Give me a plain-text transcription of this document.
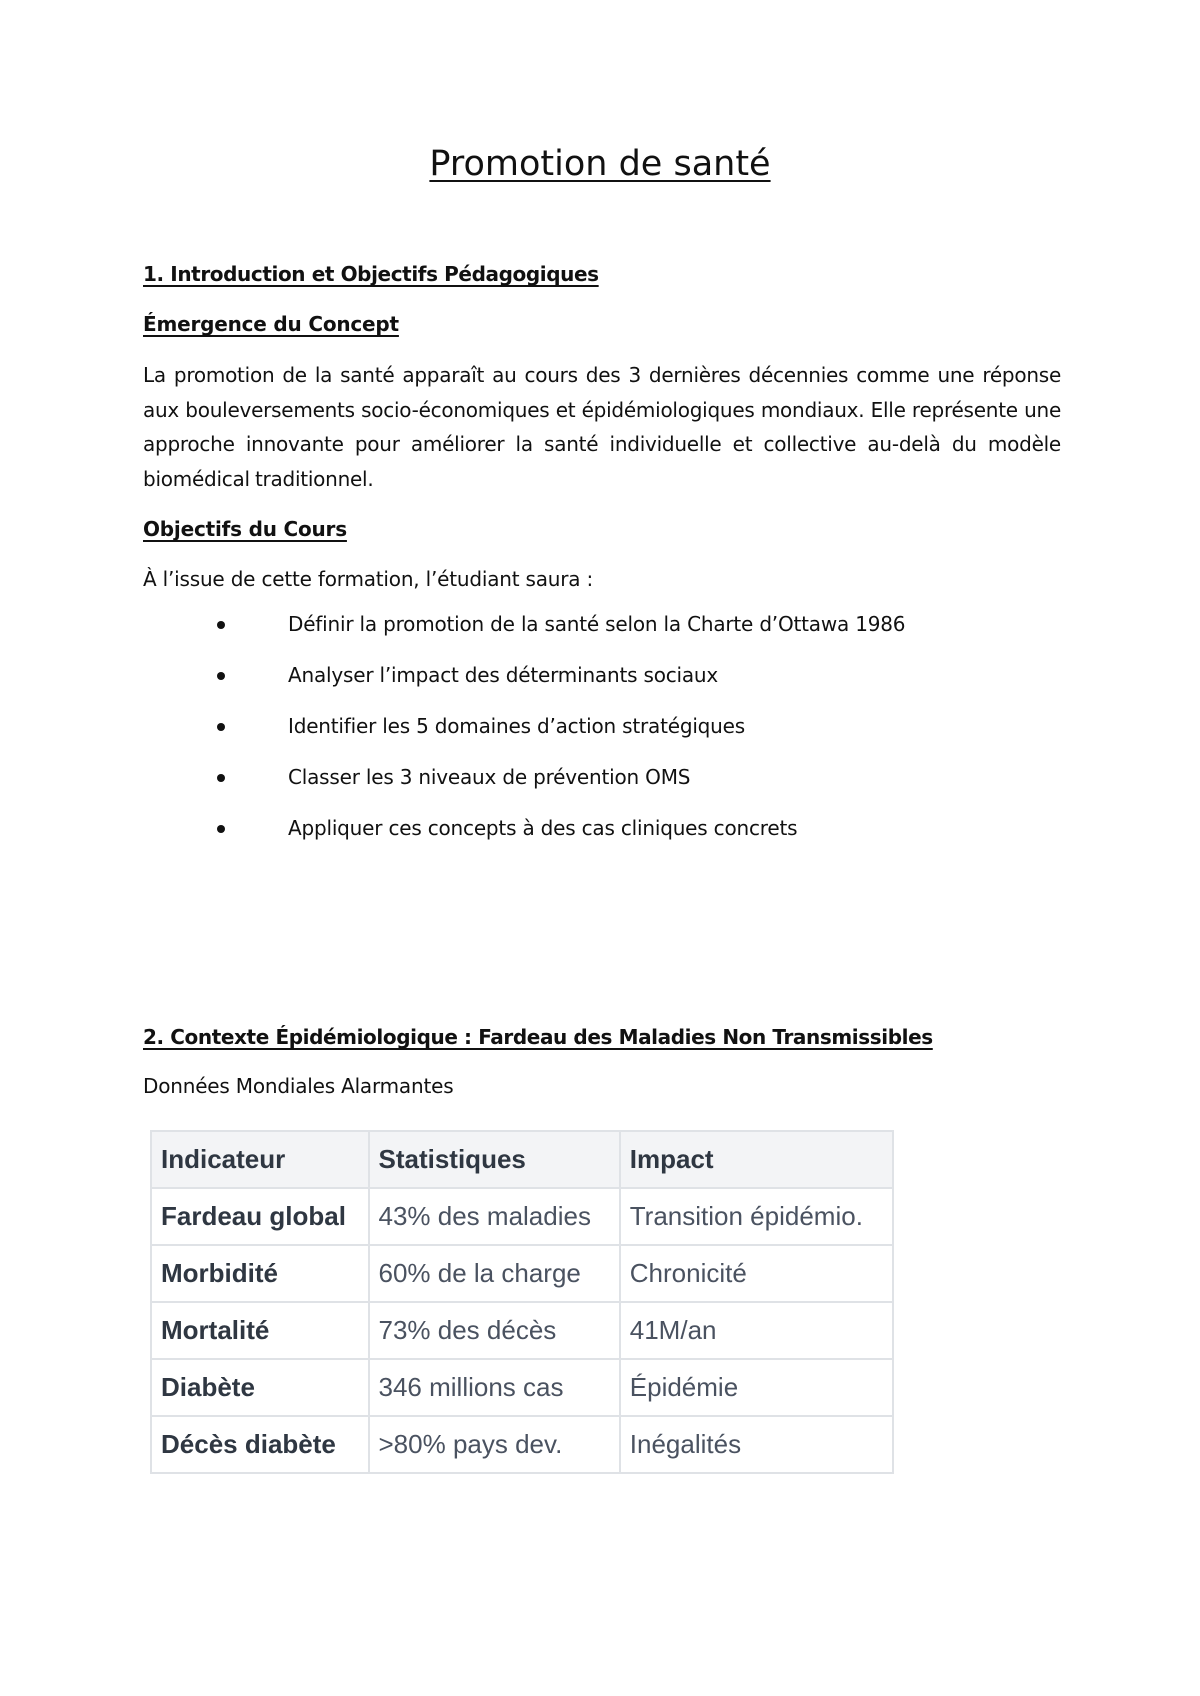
Promotion de santé
1. Introduction et Objectifs Pédagogiques
Émergence du Concept

La promotion de la santé apparaît au cours des 3 dernières décennies comme une réponse aux bouleversements socio-économiques et épidémiologiques mondiaux. Elle représente une approche innovante pour améliorer la santé individuelle et collective au-delà du modèle biomédical traditionnel.

Objectifs du Cours

À l’issue de cette formation, l’étudiant saura :

Définir la promotion de la santé selon la Charte d’Ottawa 1986
Analyser l’impact des déterminants sociaux
Identifier les 5 domaines d’action stratégiques
Classer les 3 niveaux de prévention OMS
Appliquer ces concepts à des cas cliniques concrets
2. Contexte Épidémiologique : Fardeau des Maladies Non Transmissibles

Données Mondiales Alarmantes

Indicateur	Statistiques	Impact
Fardeau global	43% des maladies	Transition épidémio.
Morbidité	60% de la charge	Chronicité
Mortalité	73% des décès	41M/an
Diabète	346 millions cas	Épidémie
Décès diabète	>80% pays dev.	Inégalités
